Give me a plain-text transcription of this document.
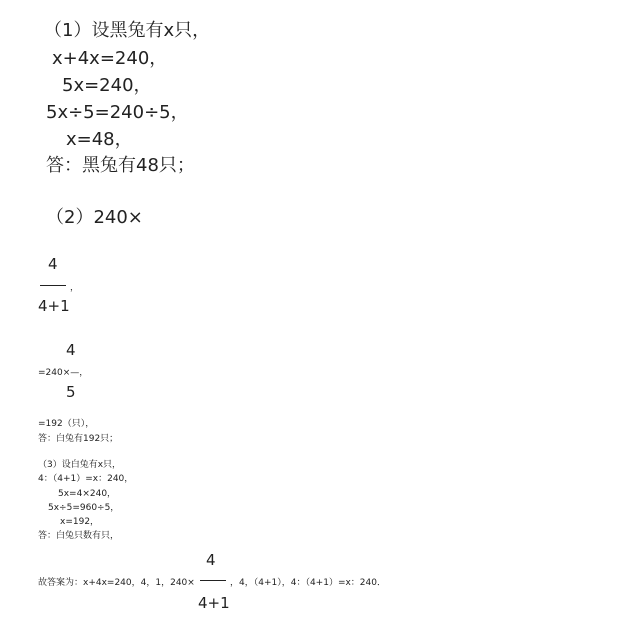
（1）设黑兔有x只，
x+4x=240，
5x=240，
5x÷5=240÷5，
x=48，
答：黑兔有48只；
（2）240×
4
，
4+1
4
=240×—，
5
=192（只），
答：白兔有192只；
（3）设白兔有x只，
4：（4+1）=x：240，
5x=4×240，
5x÷5=960÷5，
x=192，
答：白兔只数有只，
4
故答案为：x+4x=240，4，1，240×	，4，（4+1），4：（4+1）=x：240．
4+1
